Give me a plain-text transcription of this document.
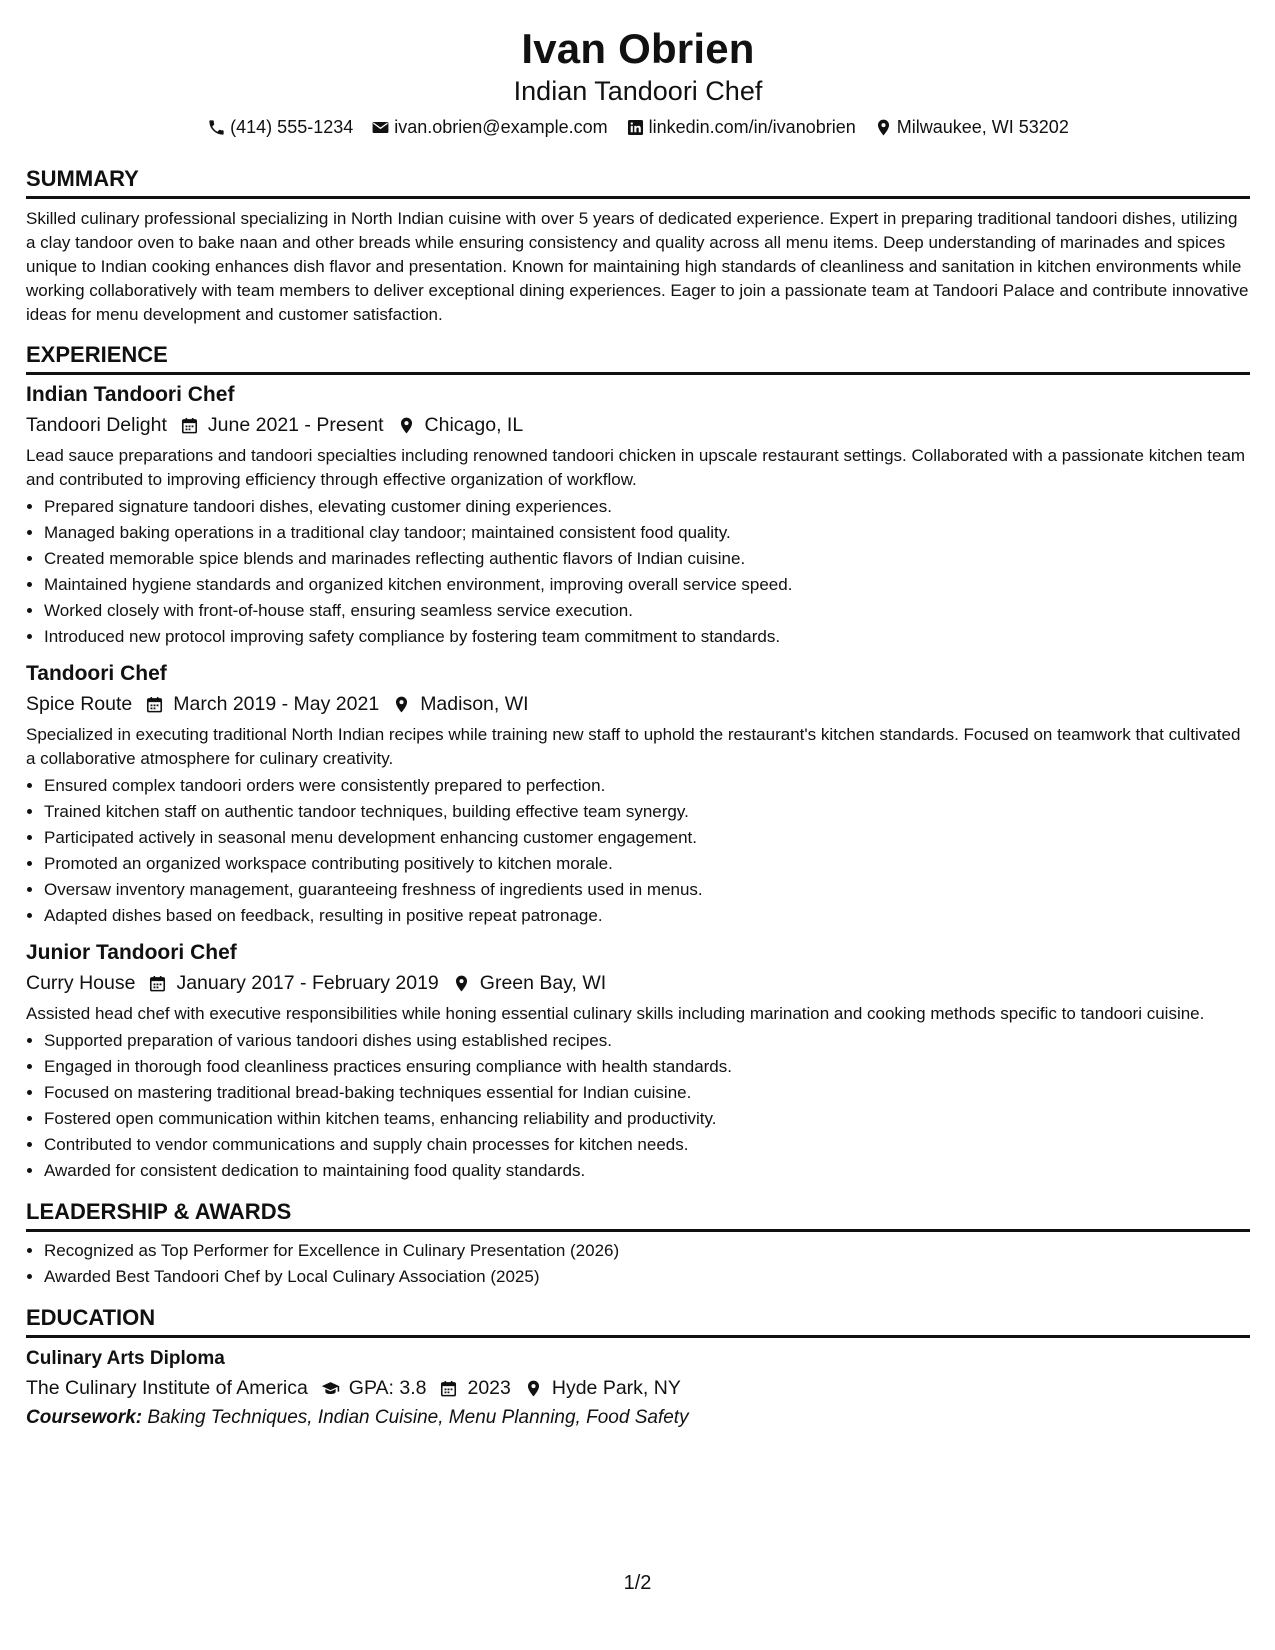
Ivan Obrien
Indian Tandoori Chef
(414) 555-1234 ivan.obrien@example.com linkedin.com/in/ivanobrien Milwaukee, WI 53202
SUMMARY
Skilled culinary professional specializing in North Indian cuisine with over 5 years of dedicated experience. Expert in preparing traditional tandoori dishes, utilizing a clay tandoor oven to bake naan and other breads while ensuring consistency and quality across all menu items. Deep understanding of marinades and spices unique to Indian cooking enhances dish flavor and presentation. Known for maintaining high standards of cleanliness and sanitation in kitchen environments while working collaboratively with team members to deliver exceptional dining experiences. Eager to join a passionate team at Tandoori Palace and contribute innovative ideas for menu development and customer satisfaction.
EXPERIENCE
Indian Tandoori Chef
Tandoori Delight June 2021 - Present Chicago, IL
Lead sauce preparations and tandoori specialties including renowned tandoori chicken in upscale restaurant settings. Collaborated with a passionate kitchen team and contributed to improving efficiency through effective organization of workflow.
• Prepared signature tandoori dishes, elevating customer dining experiences.
• Managed baking operations in a traditional clay tandoor; maintained consistent food quality.
• Created memorable spice blends and marinades reflecting authentic flavors of Indian cuisine.
• Maintained hygiene standards and organized kitchen environment, improving overall service speed.
• Worked closely with front-of-house staff, ensuring seamless service execution.
• Introduced new protocol improving safety compliance by fostering team commitment to standards.
Tandoori Chef
Spice Route March 2019 - May 2021 Madison, WI
Specialized in executing traditional North Indian recipes while training new staff to uphold the restaurant's kitchen standards. Focused on teamwork that cultivated a collaborative atmosphere for culinary creativity.
• Ensured complex tandoori orders were consistently prepared to perfection.
• Trained kitchen staff on authentic tandoor techniques, building effective team synergy.
• Participated actively in seasonal menu development enhancing customer engagement.
• Promoted an organized workspace contributing positively to kitchen morale.
• Oversaw inventory management, guaranteeing freshness of ingredients used in menus.
• Adapted dishes based on feedback, resulting in positive repeat patronage.
Junior Tandoori Chef
Curry House January 2017 - February 2019 Green Bay, WI
Assisted head chef with executive responsibilities while honing essential culinary skills including marination and cooking methods specific to tandoori cuisine.
• Supported preparation of various tandoori dishes using established recipes.
• Engaged in thorough food cleanliness practices ensuring compliance with health standards.
• Focused on mastering traditional bread-baking techniques essential for Indian cuisine.
• Fostered open communication within kitchen teams, enhancing reliability and productivity.
• Contributed to vendor communications and supply chain processes for kitchen needs.
• Awarded for consistent dedication to maintaining food quality standards.
LEADERSHIP & AWARDS
• Recognized as Top Performer for Excellence in Culinary Presentation (2026)
• Awarded Best Tandoori Chef by Local Culinary Association (2025)
EDUCATION
Culinary Arts Diploma
The Culinary Institute of America GPA: 3.8 2023 Hyde Park, NY
Coursework: Baking Techniques, Indian Cuisine, Menu Planning, Food Safety
1/2
